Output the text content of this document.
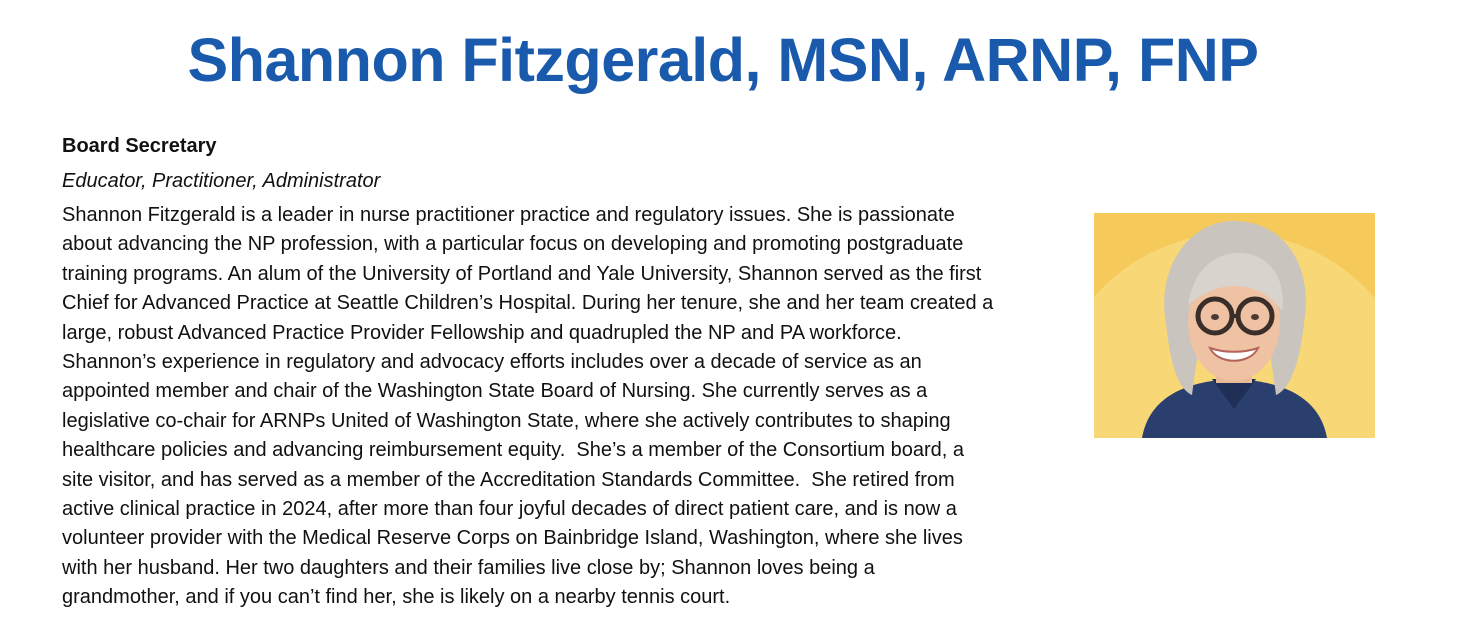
Shannon Fitzgerald, MSN, ARNP, FNP
Board Secretary
Educator, Practitioner, Administrator
Shannon Fitzgerald is a leader in nurse practitioner practice and regulatory issues. She is passionate
about advancing the NP profession, with a particular focus on developing and promoting postgraduate
training programs. An alum of the University of Portland and Yale University, Shannon served as the first
Chief for Advanced Practice at Seattle Children’s Hospital. During her tenure, she and her team created a
large, robust Advanced Practice Provider Fellowship and quadrupled the NP and PA workforce.
Shannon’s experience in regulatory and advocacy efforts includes over a decade of service as an
appointed member and chair of the Washington State Board of Nursing. She currently serves as a
legislative co-chair for ARNPs United of Washington State, where she actively contributes to shaping
healthcare policies and advancing reimbursement equity.  She’s a member of the Consortium board, a
site visitor, and has served as a member of the Accreditation Standards Committee.  She retired from
active clinical practice in 2024, after more than four joyful decades of direct patient care, and is now a
volunteer provider with the Medical Reserve Corps on Bainbridge Island, Washington, where she lives
with her husband. Her two daughters and their families live close by; Shannon loves being a
grandmother, and if you can’t find her, she is likely on a nearby tennis court.
